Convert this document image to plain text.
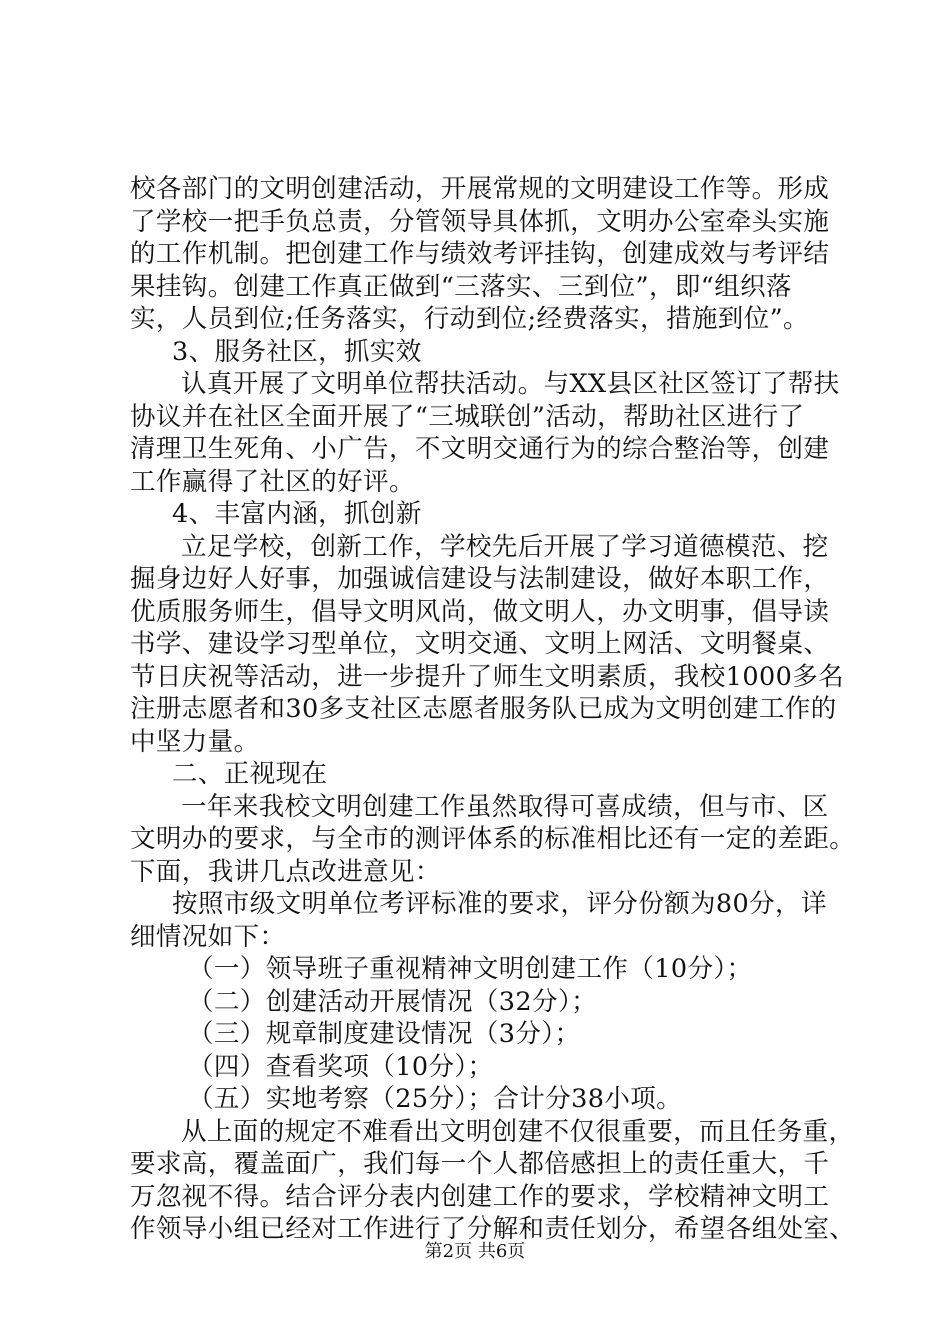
校各部门的文明创建活动，开展常规的文明建设工作等。形成
了学校一把手负总责，分管领导具体抓，文明办公室牵头实施
的工作机制。把创建工作与绩效考评挂钩，创建成效与考评结
果挂钩。创建工作真正做到“三落实、三到位”，即“组织落
实，人员到位;任务落实，行动到位;经费落实，措施到位”。
3、服务社区，抓实效
认真开展了文明单位帮扶活动。与XX县区社区签订了帮扶
协议并在社区全面开展了“三城联创”活动，帮助社区进行了
清理卫生死角、小广告，不文明交通行为的综合整治等，创建
工作赢得了社区的好评。
4、丰富内涵，抓创新
立足学校，创新工作，学校先后开展了学习道德模范、挖
掘身边好人好事，加强诚信建设与法制建设，做好本职工作，
优质服务师生，倡导文明风尚，做文明人，办文明事，倡导读
书学、建设学习型单位，文明交通、文明上网活、文明餐桌、
节日庆祝等活动，进一步提升了师生文明素质，我校1000多名
注册志愿者和30多支社区志愿者服务队已成为文明创建工作的
中坚力量。
二、正视现在
一年来我校文明创建工作虽然取得可喜成绩，但与市、区
文明办的要求，与全市的测评体系的标准相比还有一定的差距。
下面，我讲几点改进意见：
按照市级文明单位考评标准的要求，评分份额为80分，详
细情况如下：
（一）领导班子重视精神文明创建工作（10分）；
（二）创建活动开展情况（32分）；
（三）规章制度建设情况（3分）；
（四）查看奖项（10分）；
（五）实地考察（25分）；合计分38小项。
从上面的规定不难看出文明创建不仅很重要，而且任务重，
要求高，覆盖面广，我们每一个人都倍感担上的责任重大，千
万忽视不得。结合评分表内创建工作的要求，学校精神文明工
作领导小组已经对工作进行了分解和责任划分，希望各组处室、
第2页 共6页
